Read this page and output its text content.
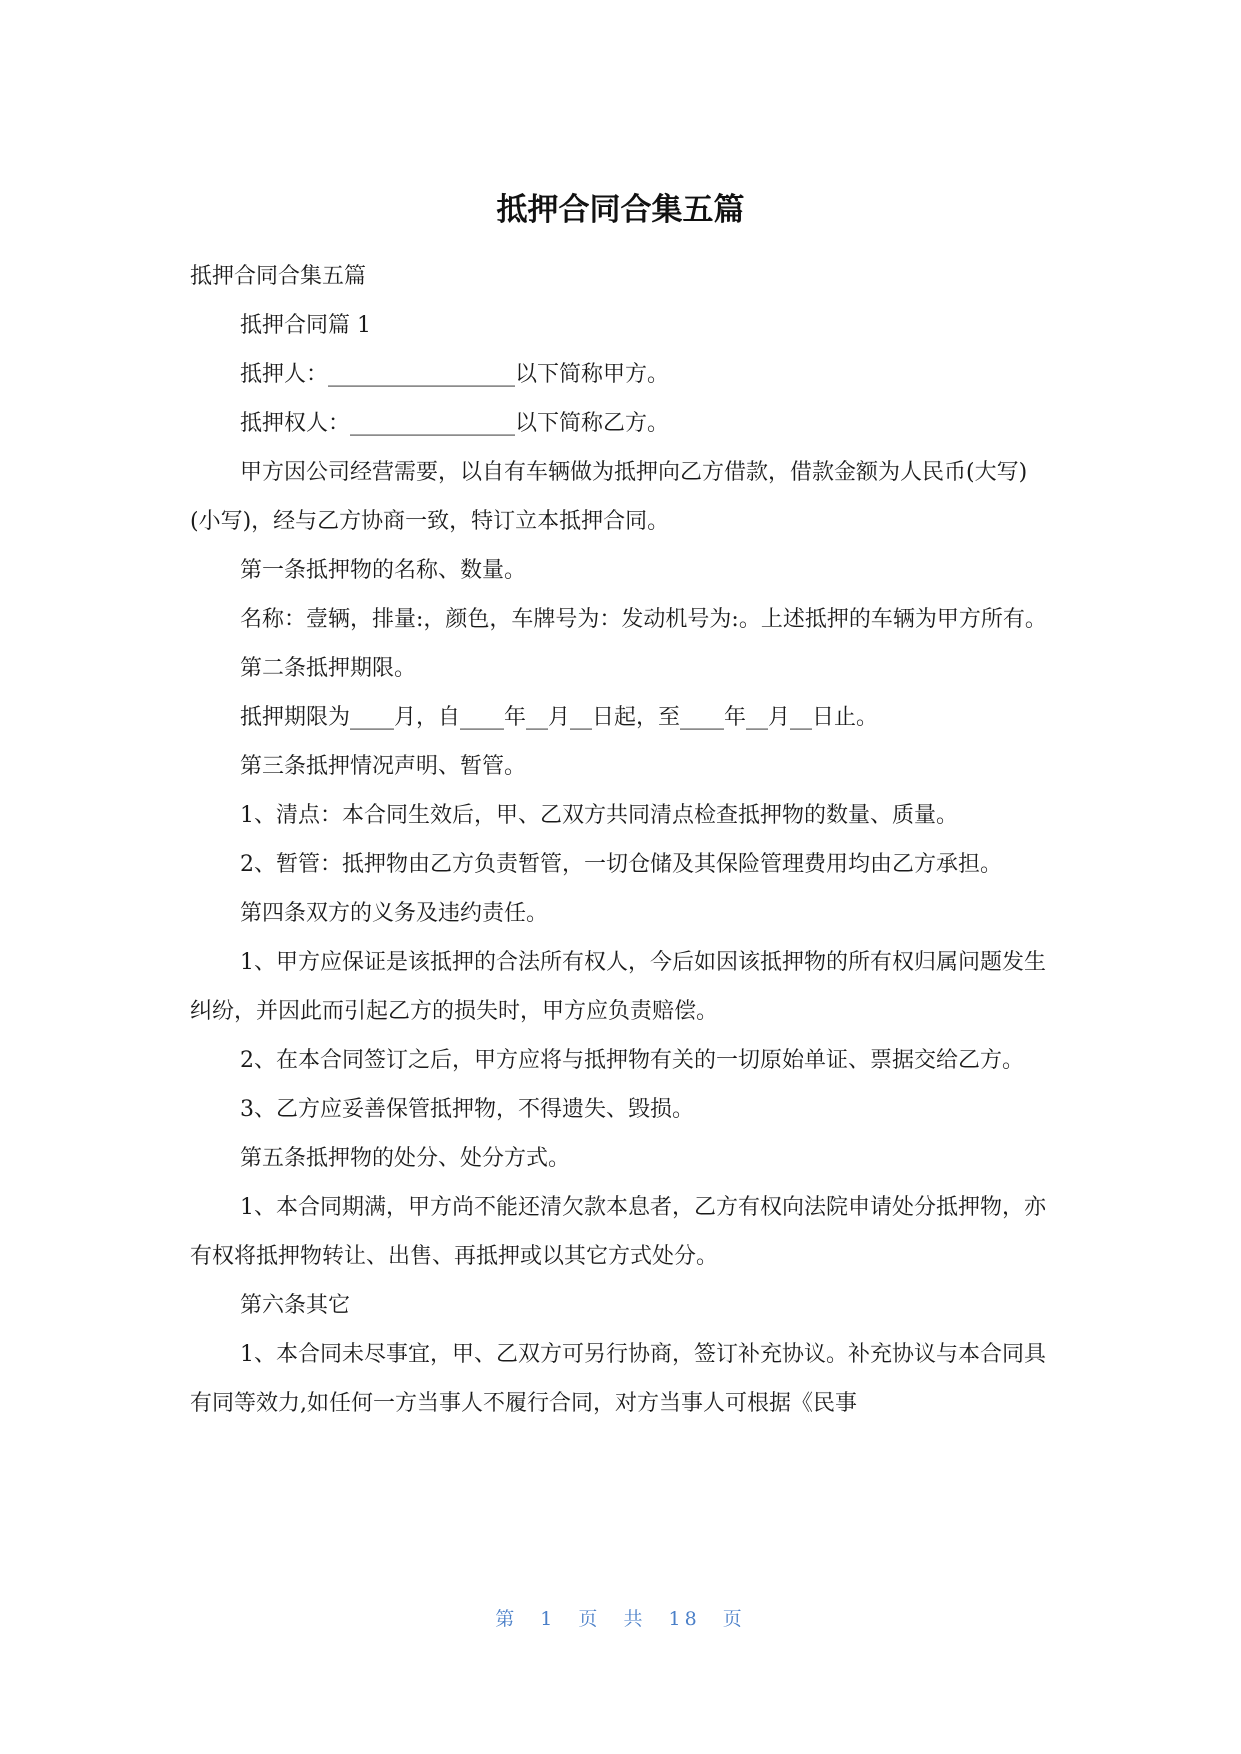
抵押合同合集五篇

抵押合同合集五篇

抵押合同篇 1

抵押人：_________________以下简称甲方。

抵押权人：_______________以下简称乙方。

甲方因公司经营需要，以自有车辆做为抵押向乙方借款，借款金额为人民币(大写)(小写)，经与乙方协商一致，特订立本抵押合同。

第一条抵押物的名称、数量。

名称：壹辆，排量:，颜色，车牌号为：发动机号为:。上述抵押的车辆为甲方所有。

第二条抵押期限。

抵押期限为____月，自____年__月__日起，至____年__月__日止。

第三条抵押情况声明、暂管。

1、清点：本合同生效后，甲、乙双方共同清点检查抵押物的数量、质量。

2、暂管：抵押物由乙方负责暂管，一切仓储及其保险管理费用均由乙方承担。

第四条双方的义务及违约责任。

1、甲方应保证是该抵押的合法所有权人，今后如因该抵押物的所有权归属问题发生纠纷，并因此而引起乙方的损失时，甲方应负责赔偿。

2、在本合同签订之后，甲方应将与抵押物有关的一切原始单证、票据交给乙方。

3、乙方应妥善保管抵押物，不得遗失、毁损。

第五条抵押物的处分、处分方式。

1、本合同期满，甲方尚不能还清欠款本息者，乙方有权向法院申请处分抵押物，亦有权将抵押物转让、出售、再抵押或以其它方式处分。

第六条其它

1、本合同未尽事宜，甲、乙双方可另行协商，签订补充协议。补充协议与本合同具有同等效力,如任何一方当事人不履行合同，对方当事人可根据《民事

第 1 页 共 18 页
